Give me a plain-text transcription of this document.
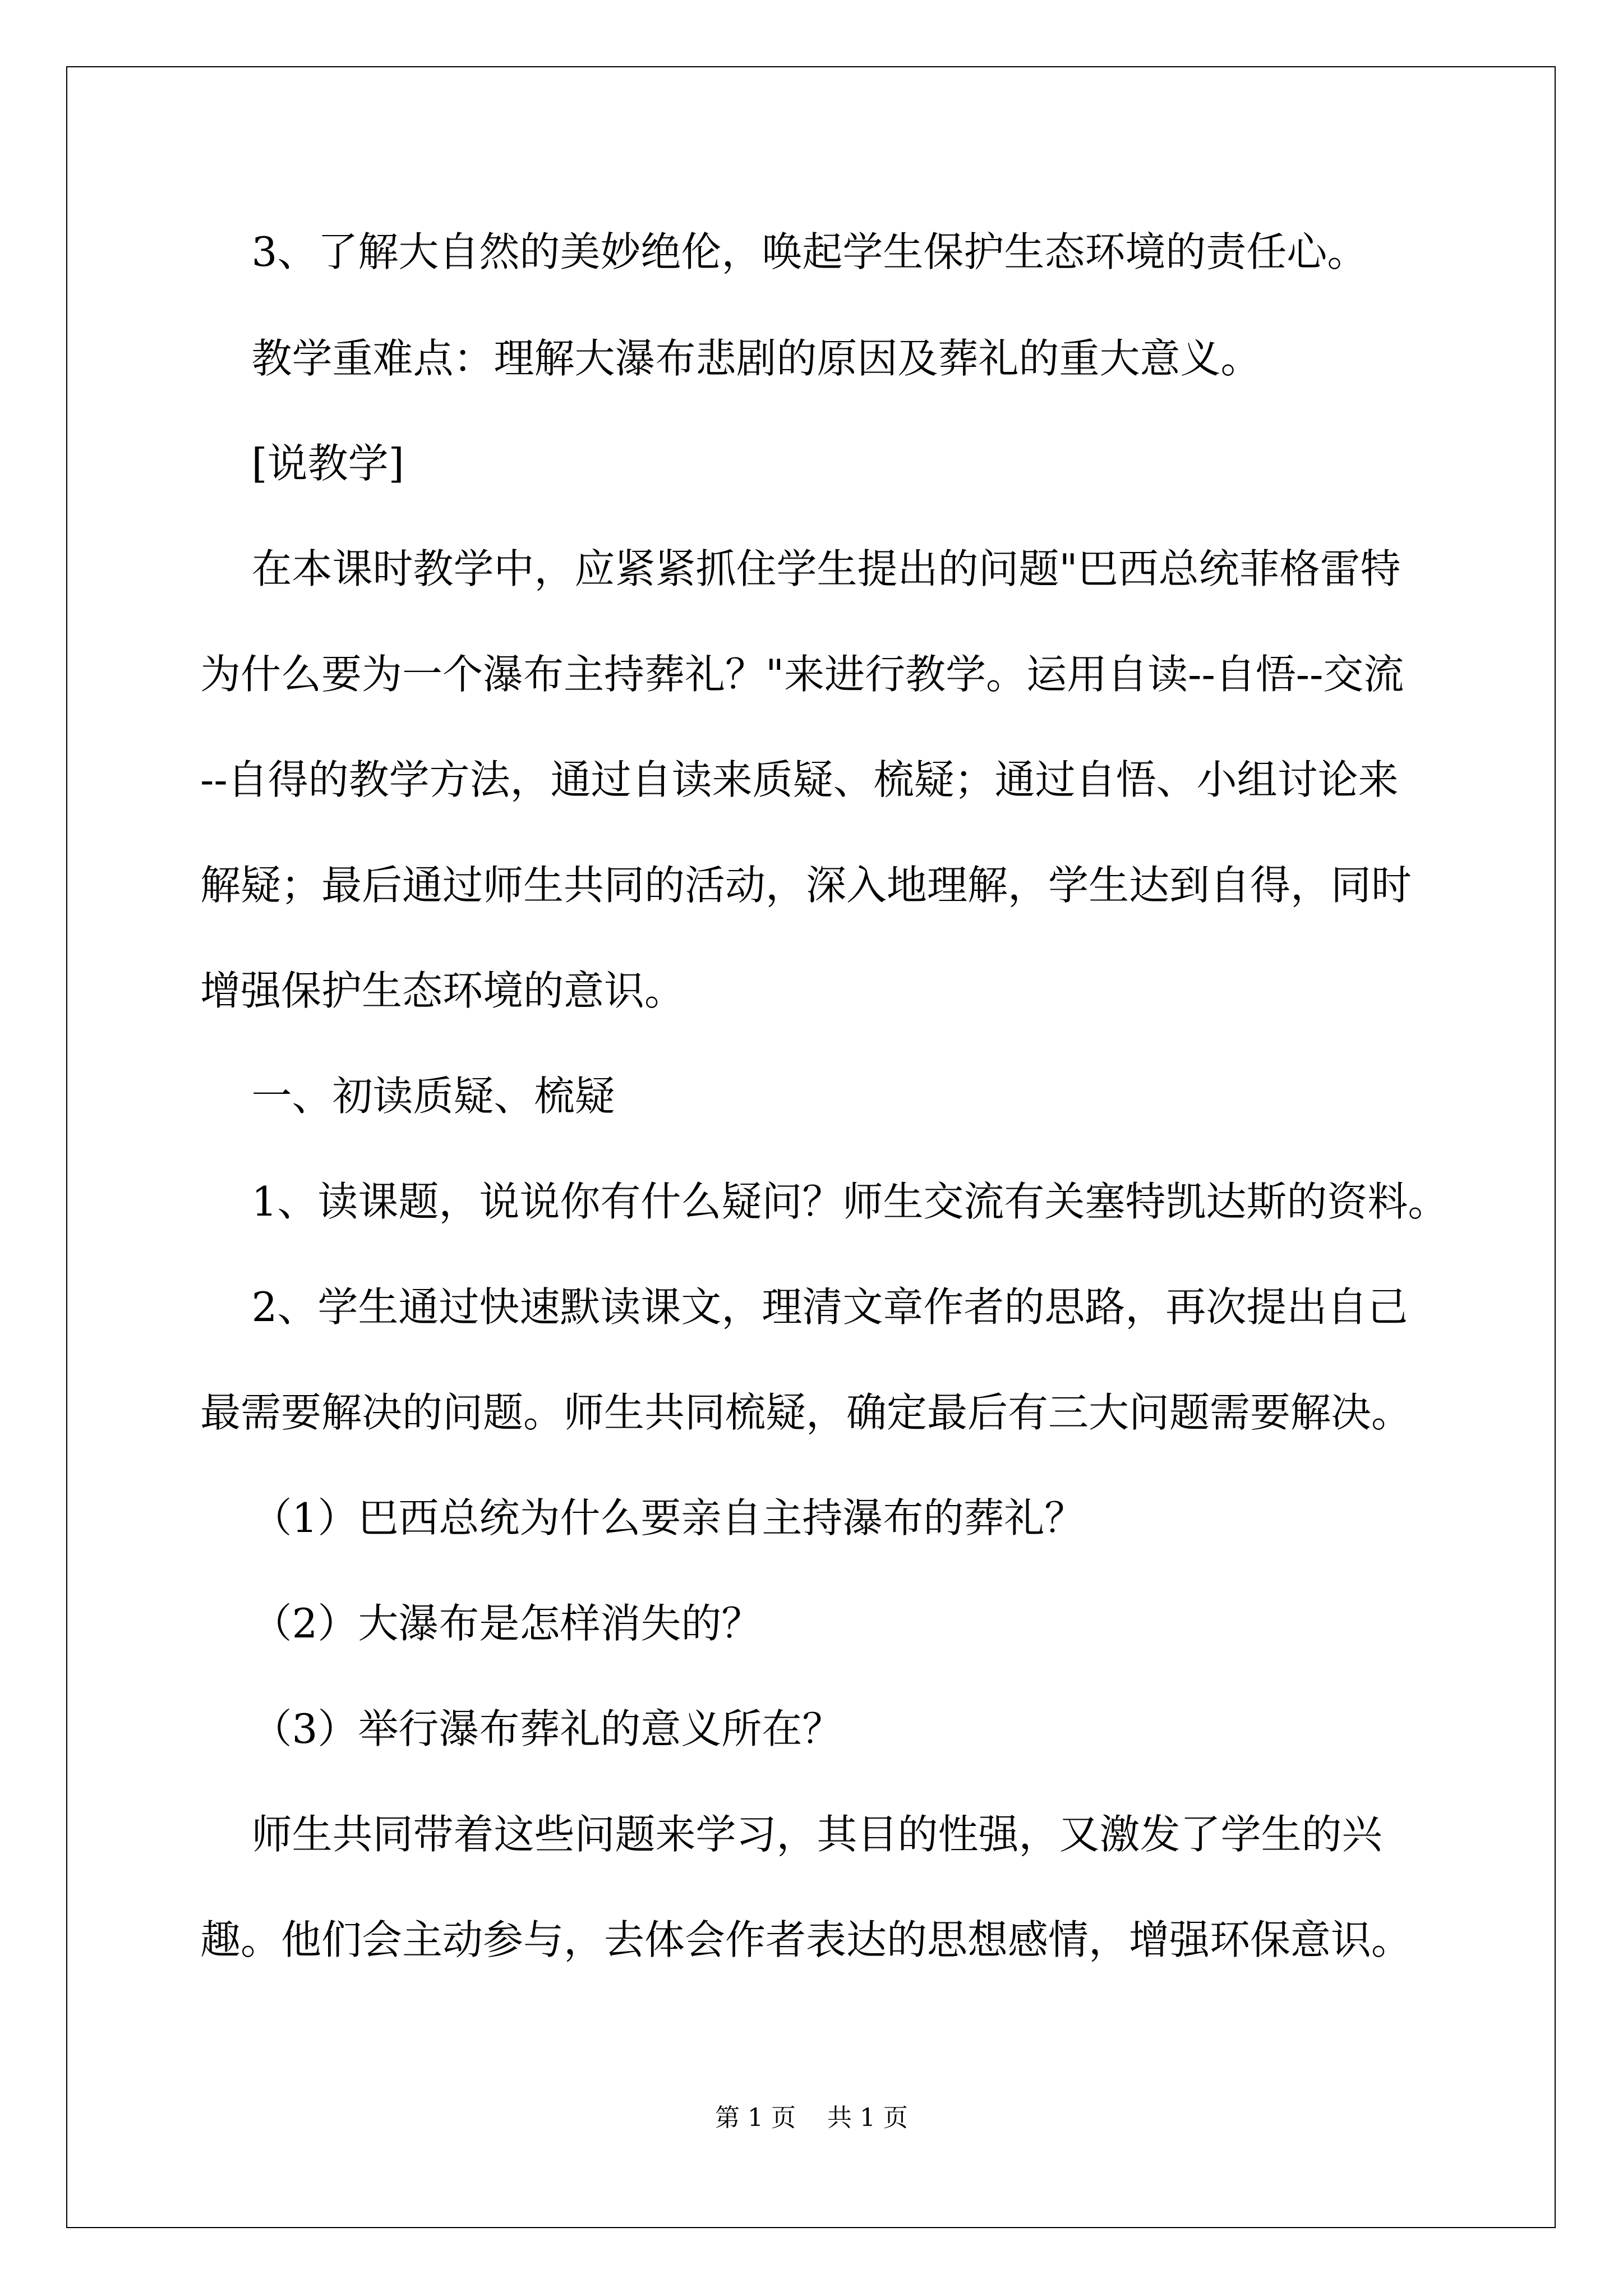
3、了解大自然的美妙绝伦，唤起学生保护生态环境的责任心。

教学重难点：理解大瀑布悲剧的原因及葬礼的重大意义。

[说教学]

在本课时教学中，应紧紧抓住学生提出的问题"巴西总统菲格雷特
为什么要为一个瀑布主持葬礼？"来进行教学。运用自读--自悟--交流
--自得的教学方法，通过自读来质疑、梳疑；通过自悟、小组讨论来
解疑；最后通过师生共同的活动，深入地理解，学生达到自得，同时
增强保护生态环境的意识。

一、初读质疑、梳疑

1、读课题，说说你有什么疑问？师生交流有关塞特凯达斯的资料。

2、学生通过快速默读课文，理清文章作者的思路，再次提出自己
最需要解决的问题。师生共同梳疑，确定最后有三大问题需要解决。

（1）巴西总统为什么要亲自主持瀑布的葬礼？

（2）大瀑布是怎样消失的？

（3）举行瀑布葬礼的意义所在？

师生共同带着这些问题来学习，其目的性强，又激发了学生的兴
趣。他们会主动参与，去体会作者表达的思想感情，增强环保意识。

第 1 页    共 1 页
